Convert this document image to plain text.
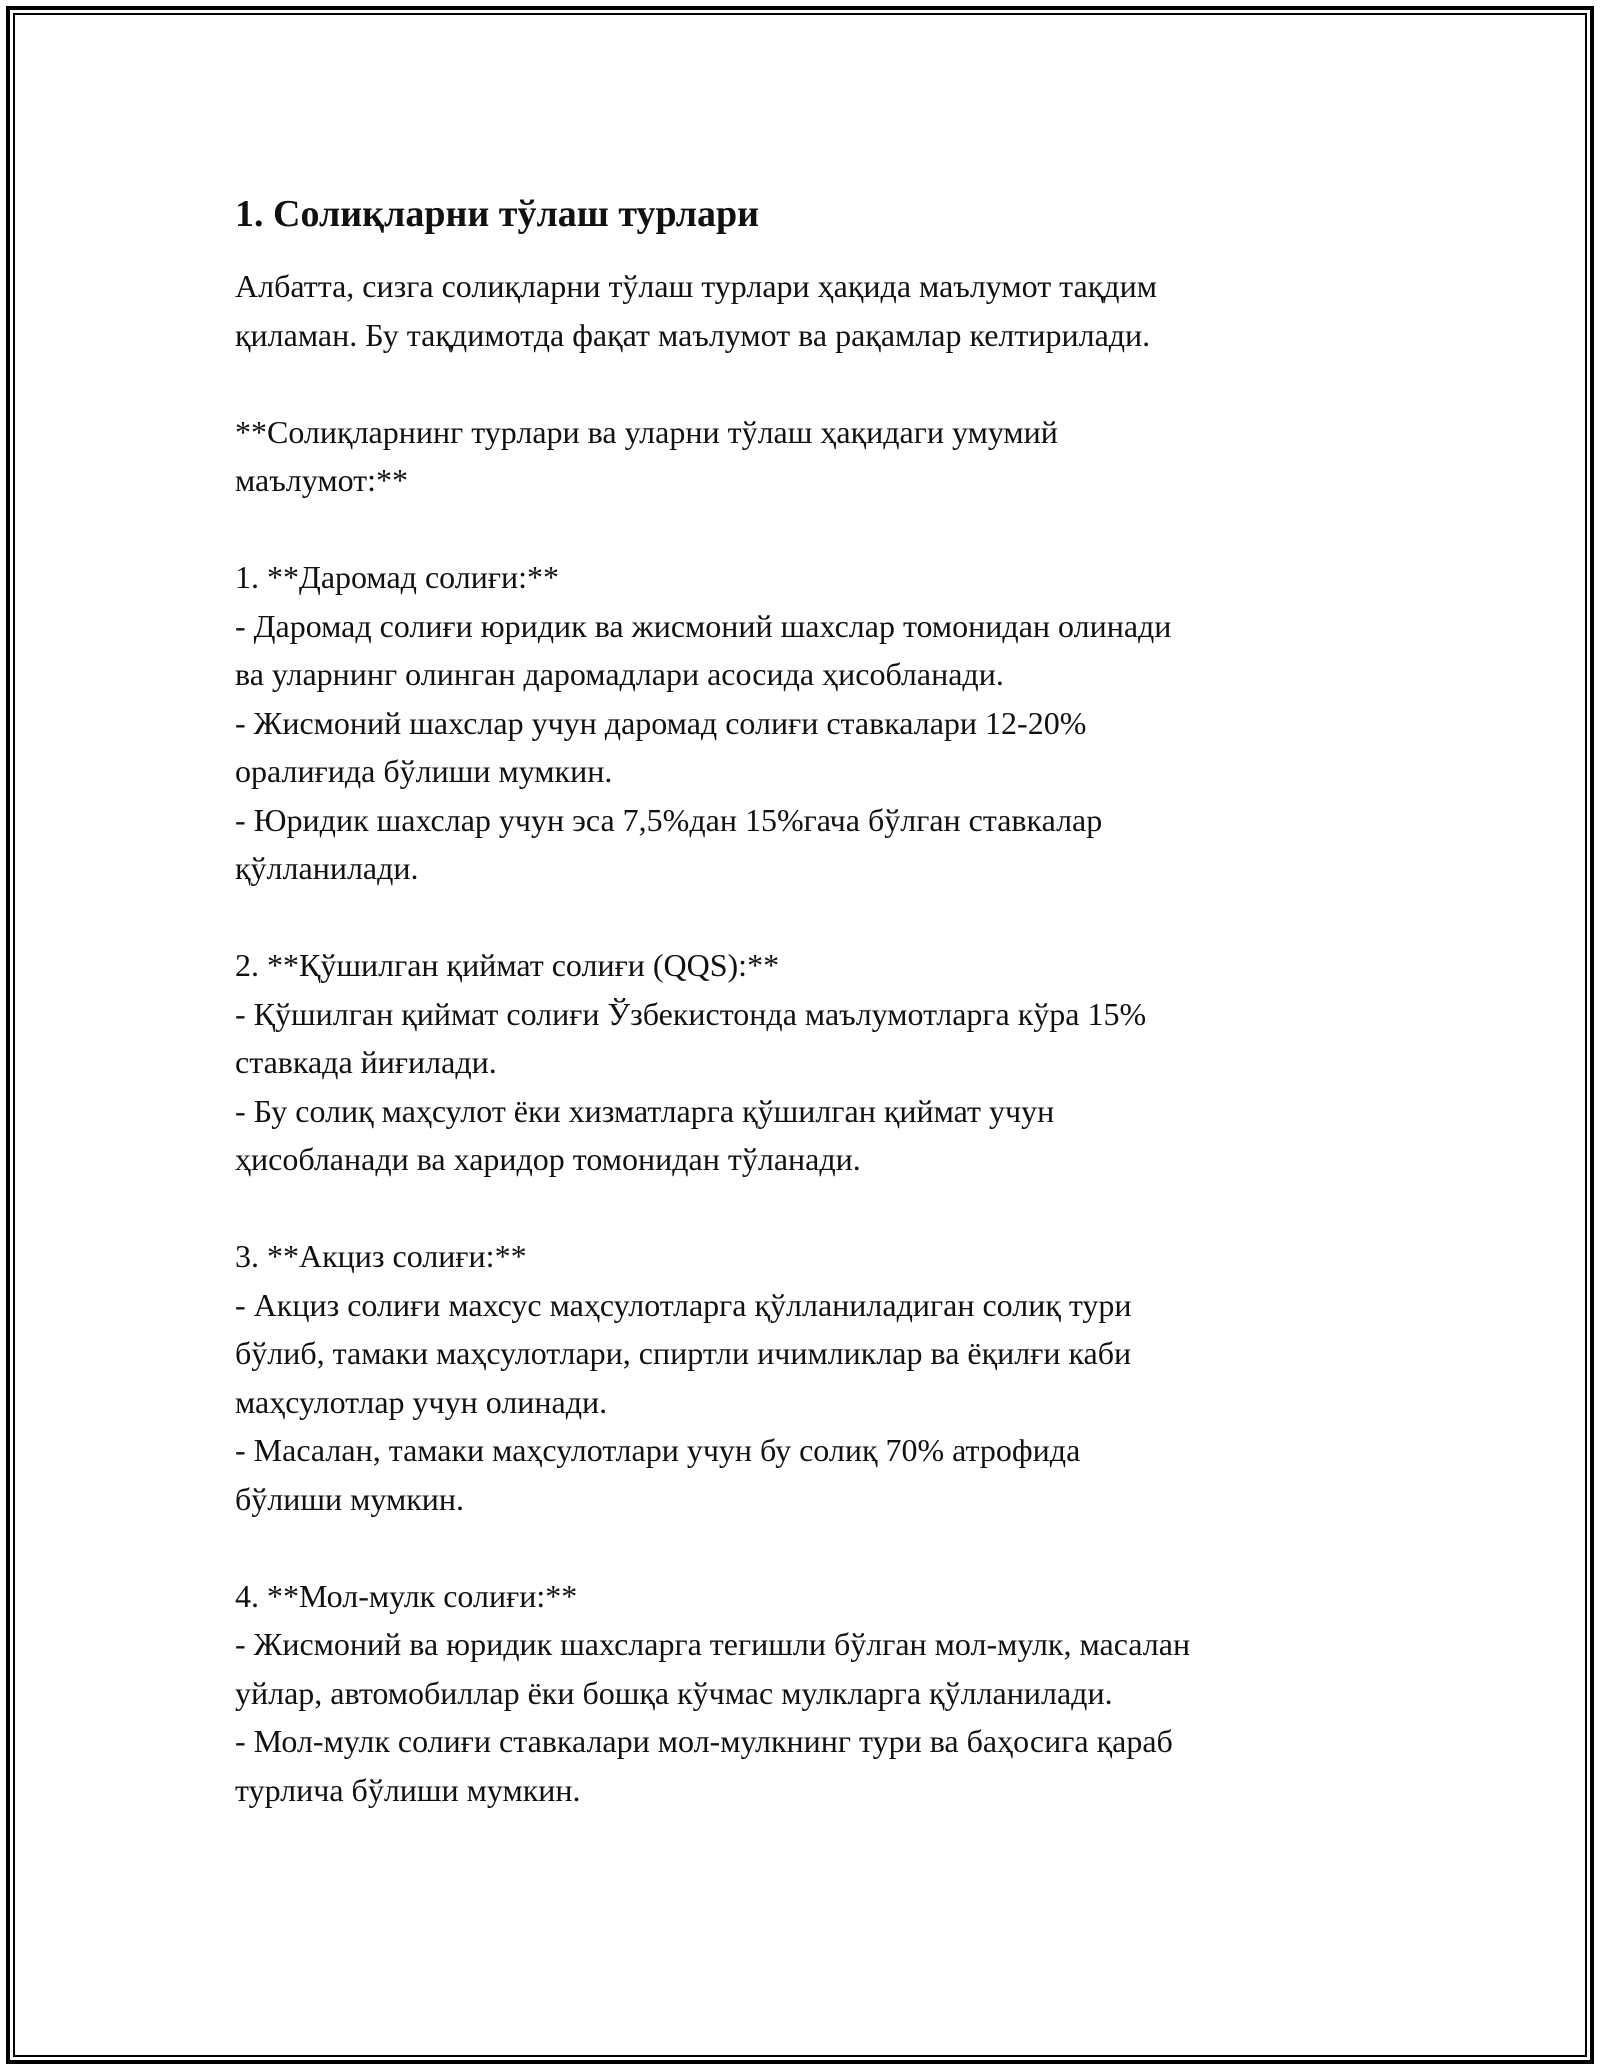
1. Солиқларни тўлаш турлари

Албатта, сизга солиқларни тўлаш турлари ҳақида маълумот тақдим
қиламан. Бу тақдимотда фақат маълумот ва рақамлар келтирилади.

**Солиқларнинг турлари ва уларни тўлаш ҳақидаги умумий
маълумот:**

1. **Даромад солиғи:**
- Даромад солиғи юридик ва жисмоний шахслар томонидан олинади
ва уларнинг олинган даромадлари асосида ҳисобланади.
- Жисмоний шахслар учун даромад солиғи ставкалари 12-20%
оралиғида бўлиши мумкин.
- Юридик шахслар учун эса 7,5%дан 15%гача бўлган ставкалар
қўлланилади.

2. **Қўшилган қиймат солиғи (QQS):**
- Қўшилган қиймат солиғи Ўзбекистонда маълумотларга кўра 15%
ставкада йиғилади.
- Бу солиқ маҳсулот ёки хизматларга қўшилган қиймат учун
ҳисобланади ва харидор томонидан тўланади.

3. **Акциз солиғи:**
- Акциз солиғи махсус маҳсулотларга қўлланиладиган солиқ тури
бўлиб, тамаки маҳсулотлари, спиртли ичимликлар ва ёқилғи каби
маҳсулотлар учун олинади.
- Масалан, тамаки маҳсулотлари учун бу солиқ 70% атрофида
бўлиши мумкин.

4. **Мол-мулк солиғи:**
- Жисмоний ва юридик шахсларга тегишли бўлган мол-мулк, масалан
уйлар, автомобиллар ёки бошқа кўчмас мулкларга қўлланилади.
- Мол-мулк солиғи ставкалари мол-мулкнинг тури ва баҳосига қараб
турлича бўлиши мумкин.
